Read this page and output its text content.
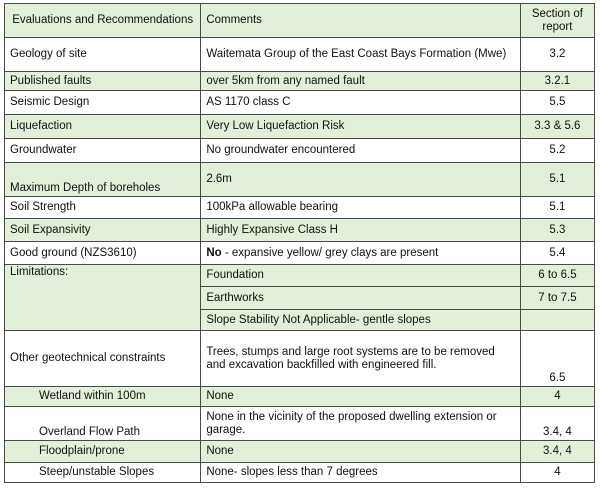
Evaluations and Recommendations	Comments	Section of report
Geology of site	Waitemata Group of the East Coast Bays Formation (Mwe)	3.2
Published faults	over 5km from any named fault	3.2.1
Seismic Design	AS 1170 class C	5.5
Liquefaction	Very Low Liquefaction Risk	3.3 & 5.6
Groundwater	No groundwater encountered	5.2
Maximum Depth of boreholes	2.6m	5.1
Soil Strength	100kPa allowable bearing	5.1
Soil Expansivity	Highly Expansive Class H	5.3
Good ground (NZS3610)	No - expansive yellow/ grey clays are present	5.4
Limitations:	Foundation	6 to 6.5
	Earthworks	7 to 7.5
	Slope Stability Not Applicable- gentle slopes	
Other geotechnical constraints	Trees, stumps and large root systems are to be removed and excavation backfilled with engineered fill.	6.5
Wetland within 100m	None	4
Overland Flow Path	None in the vicinity of the proposed dwelling extension or garage.	3.4, 4
Floodplain/prone	None	3.4, 4
Steep/unstable Slopes	None- slopes less than 7 degrees	4
